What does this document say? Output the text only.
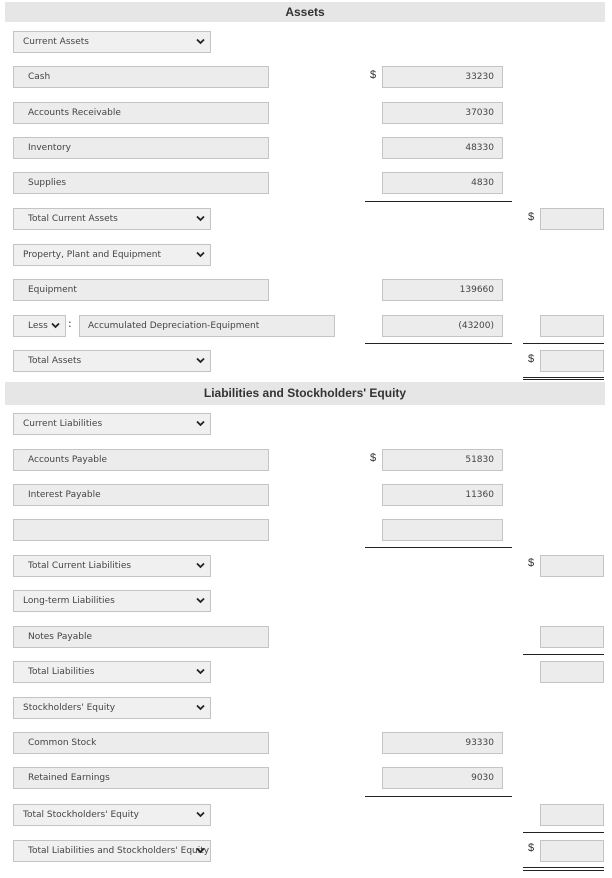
Assets
Current Assets
Cash	$	33230
Accounts Receivable	37030
Inventory	48330
Supplies	4830
Total Current Assets	$
Property, Plant and Equipment
Equipment	139660
Less	:	Accumulated Depreciation-Equipment	(43200)
Total Assets	$
Liabilities and Stockholders' Equity
Current Liabilities
Accounts Payable	$	51830
Interest Payable	11360
Total Current Liabilities	$
Long-term Liabilities
Notes Payable
Total Liabilities
Stockholders' Equity
Common Stock	93330
Retained Earnings	9030
Total Stockholders' Equity
Total Liabilities and Stockholders' Equity	$
